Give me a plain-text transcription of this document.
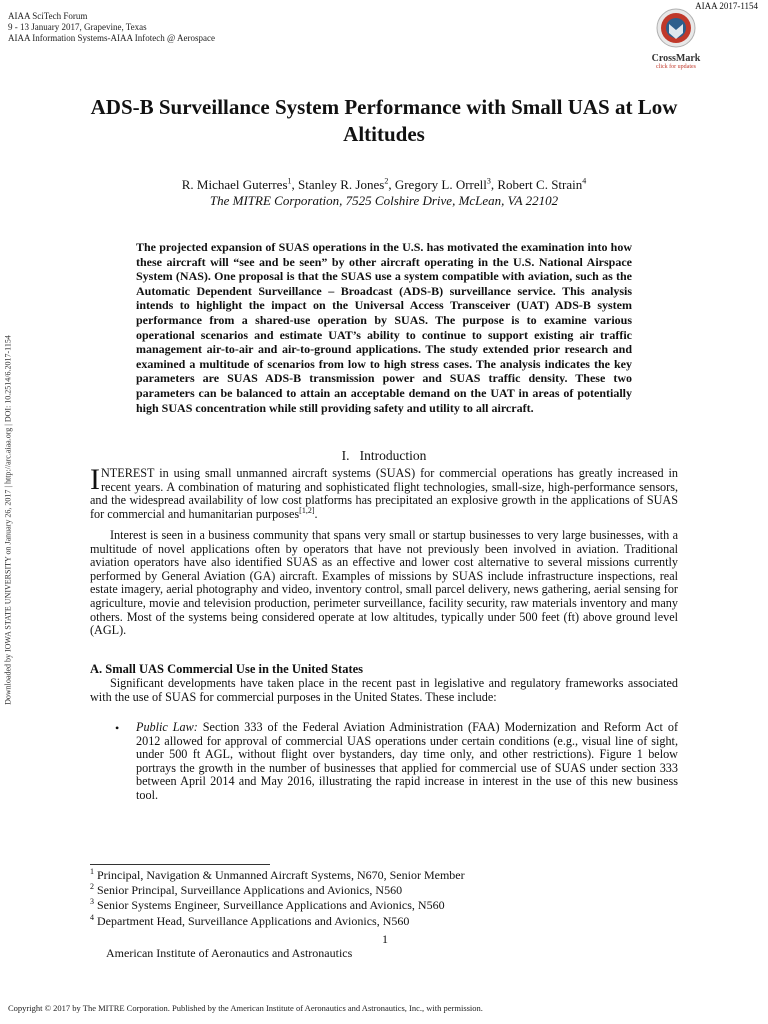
AIAA SciTech Forum
9 - 13 January 2017, Grapevine, Texas
AIAA Information Systems-AIAA Infotech @ Aerospace
AIAA 2017-1154
CrossMark
click for updates
ADS-B Surveillance System Performance with Small UAS at Low Altitudes
R. Michael Guterres$^1$, Stanley R. Jones$^2$, Gregory L. Orrell$^3$, Robert C. Strain$^4$
The MITRE Corporation, 7525 Colshire Drive, McLean, VA 22102
The projected expansion of SUAS operations in the U.S. has motivated the examination into how these aircraft will “see and be seen” by other aircraft operating in the U.S. National Airspace System (NAS). One proposal is that the SUAS use a system compatible with aviation, such as the Automatic Dependent Surveillance – Broadcast (ADS-B) surveillance service. This analysis intends to highlight the impact on the Universal Access Transceiver (UAT) ADS-B system performance from a shared-use operation by SUAS. The purpose is to examine various operational scenarios and estimate UAT’s ability to continue to support existing air traffic management air-to-air and air-to-ground applications. The study extended prior research and examined a multitude of scenarios from low to high stress cases. The analysis indicates the key parameters are SUAS ADS-B transmission power and SUAS traffic density. These two parameters can be balanced to attain an acceptable demand on the UAT in areas of potentially high SUAS concentration while still providing safety and utility to all aircraft.
Downloaded by IOWA STATE UNIVERSITY on January 26, 2017 | http://arc.aiaa.org | DOI: 10.2514/6.2017-1154	I. Introduction
INTEREST in using small unmanned aircraft systems (SUAS) for commercial operations has greatly increased in recent years. A combination of maturing and sophisticated flight technologies, small-size, high-performance sensors, and the widespread availability of low cost platforms has precipitated an explosive growth in the applications of SUAS for commercial and humanitarian purposes[1,2].
Interest is seen in a business community that spans very small or startup businesses to very large businesses, with a multitude of novel applications often by operators that have not previously been involved in aviation. Traditional aviation operators have also identified SUAS as an effective and lower cost alternative to several missions currently performed by General Aviation (GA) aircraft. Examples of missions by SUAS include infrastructure inspections, real estate imagery, aerial photography and video, inventory control, small parcel delivery, news gathering, aerial sensing for agriculture, movie and television production, perimeter surveillance, facility security, raw materials inventory and many others. Most of the systems being considered operate at low altitudes, typically under 500 feet (ft) above ground level (AGL).
A. Small UAS Commercial Use in the United States
Significant developments have taken place in the recent past in legislative and regulatory frameworks associated with the use of SUAS for commercial purposes in the United States. These include:
• Public Law: Section 333 of the Federal Aviation Administration (FAA) Modernization and Reform Act of 2012 allowed for approval of commercial UAS operations under certain conditions (e.g., visual line of sight, under 500 ft AGL, without flight over bystanders, day time only, and other restrictions). Figure 1 below portrays the growth in the number of businesses that applied for commercial use of SUAS under section 333 between April 2014 and May 2016, illustrating the rapid increase in interest in the use of this new business tool.
$^1$ Principal, Navigation & Unmanned Aircraft Systems, N670, Senior Member
$^2$ Senior Principal, Surveillance Applications and Avionics, N560
$^3$ Senior Systems Engineer, Surveillance Applications and Avionics, N560
$^4$ Department Head, Surveillance Applications and Avionics, N560
1
American Institute of Aeronautics and Astronautics
Copyright © 2017 by The MITRE Corporation. Published by the American Institute of Aeronautics and Astronautics, Inc., with permission.
